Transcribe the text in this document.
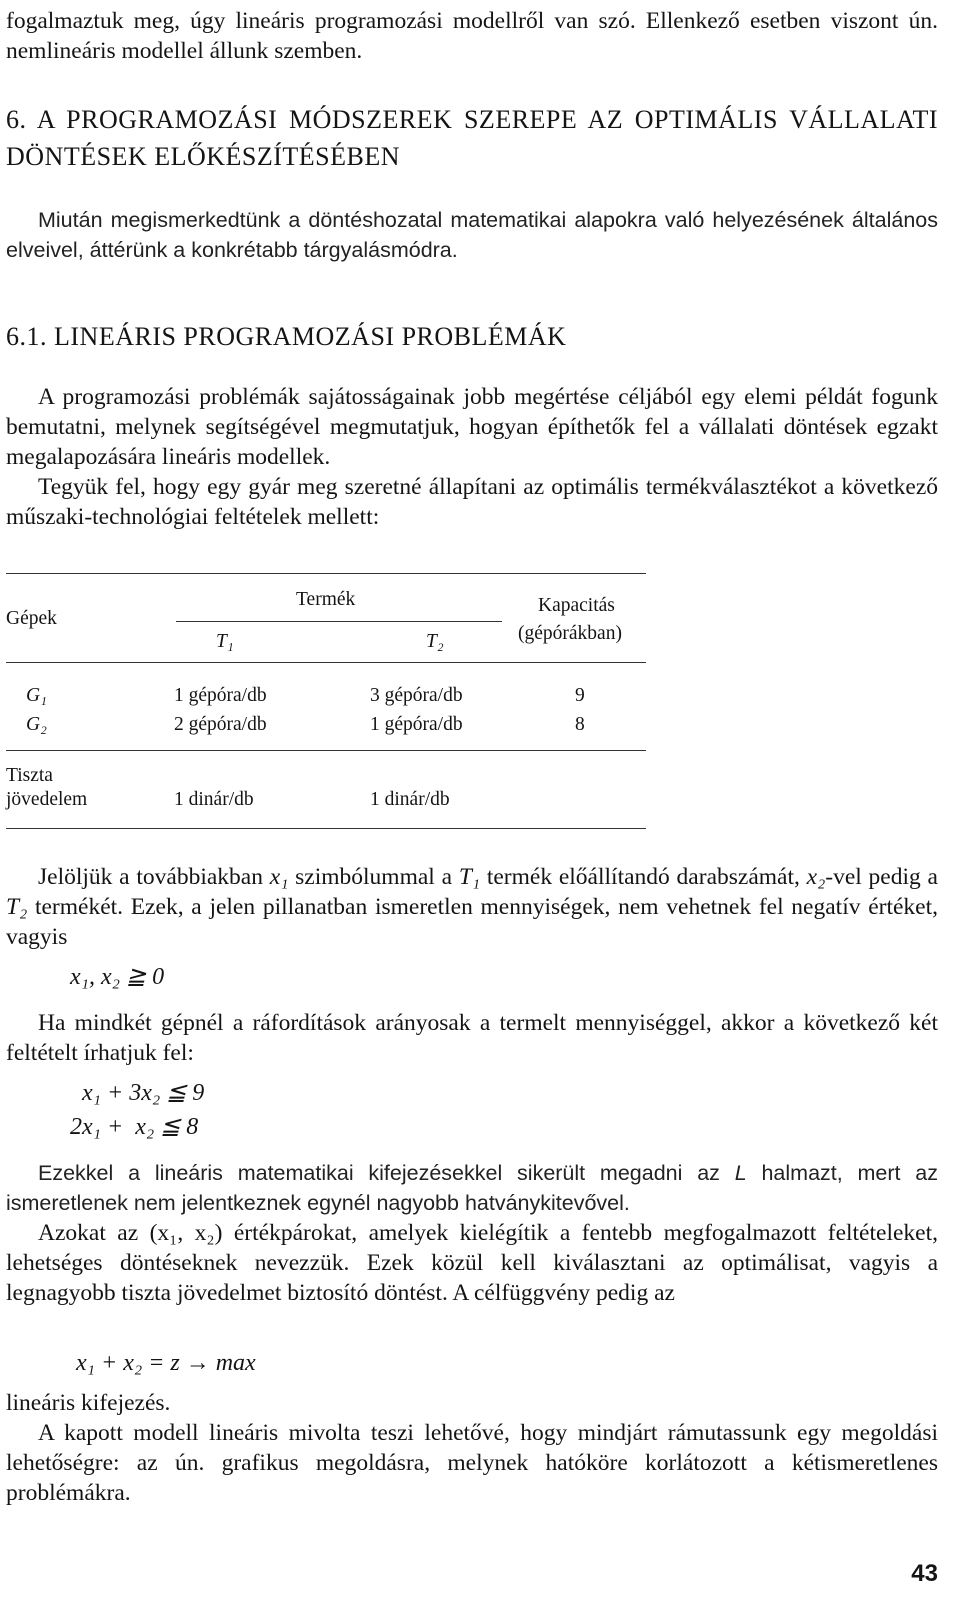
fogalmaztuk meg, úgy lineáris programozási modellről van szó. Ellenkező esetben viszont ún. nemlineáris modellel állunk szemben.

6. A PROGRAMOZÁSI MÓDSZEREK SZEREPE AZ OPTIMÁLIS VÁLLALATI DÖNTÉSEK ELŐKÉSZÍTÉSÉBEN

Miután megismerkedtünk a döntéshozatal matematikai alapokra való helyezésének általános elveivel, áttérünk a konkrétabb tárgyalásmódra.

6.1. LINEÁRIS PROGRAMOZÁSI PROBLÉMÁK

A programozási problémák sajátosságainak jobb megértése céljából egy elemi példát fogunk bemutatni, melynek segítségével megmutatjuk, hogyan építhetők fel a vállalati döntések egzakt megalapozására lineáris modellek.

Tegyük fel, hogy egy gyár meg szeretné állapítani az optimális termékválasztékot a következő műszaki-technológiai feltételek mellett:

Gépek
Termék
T₁	T₂
Kapacitás
(gépórákban)
G₁	1 gépóra/db	3 gépóra/db	9
G₂	2 gépóra/db	1 gépóra/db	8
Tiszta
jövedelem	1 dinár/db	1 dinár/db

Jelöljük a továbbiakban x₁ szimbólummal a T₁ termék előállítandó darabszámát, x₂-vel pedig a T₂ termékét. Ezek, a jelen pillanatban ismeretlen mennyiségek, nem vehetnek fel negatív értéket, vagyis

x₁, x₂ ≧ 0

Ha mindkét gépnél a ráfordítások arányosak a termelt mennyiséggel, akkor a következő két feltételt írhatjuk fel:

x₁ + 3x₂ ≦ 9

2x₁ +  x₂ ≦ 8

Ezekkel a lineáris matematikai kifejezésekkel sikerült megadni az L halmazt, mert az ismeretlenek nem jelentkeznek egynél nagyobb hatványkitevővel.

Azokat az (x₁, x₂) értékpárokat, amelyek kielégítik a fentebb megfogalmazott feltételeket, lehetséges döntéseknek nevezzük. Ezek közül kell kiválasztani az optimálisat, vagyis a legnagyobb tiszta jövedelmet biztosító döntést. A célfüggvény pedig az

x₁ + x₂ = z → max

lineáris kifejezés.

A kapott modell lineáris mivolta teszi lehetővé, hogy mindjárt rámutassunk egy megoldási lehetőségre: az ún. grafikus megoldásra, melynek hatóköre korlátozott a kétismeretlenes problémákra.

43
